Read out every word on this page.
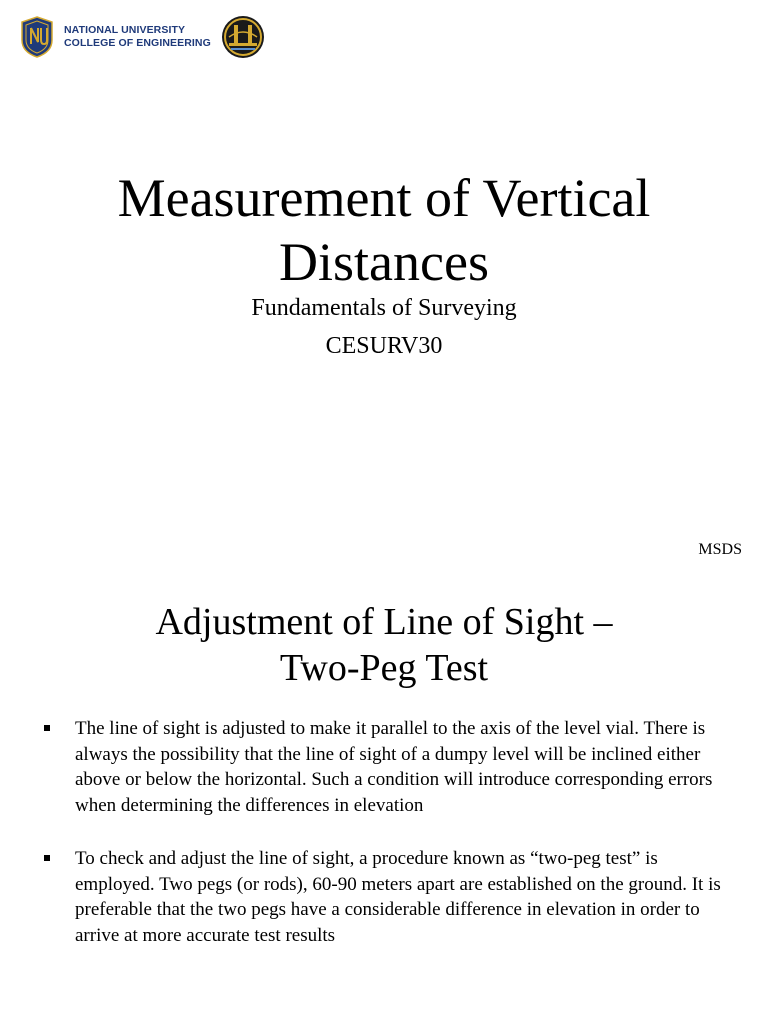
NATIONAL UNIVERSITY
COLLEGE OF ENGINEERING
Measurement of Vertical
Distances
Fundamentals of Surveying
CESURV30
MSDS
Adjustment of Line of Sight –
Two-Peg Test
The line of sight is adjusted to make it parallel to the axis of the level vial. There is always the possibility that the line of sight of a dumpy level will be inclined either above or below the horizontal. Such a condition will introduce corresponding errors when determining the differences in elevation
To check and adjust the line of sight, a procedure known as “two-peg test” is employed. Two pegs (or rods), 60-90 meters apart are established on the ground. It is preferable that the two pegs have a considerable difference in elevation in order to arrive at more accurate test results
